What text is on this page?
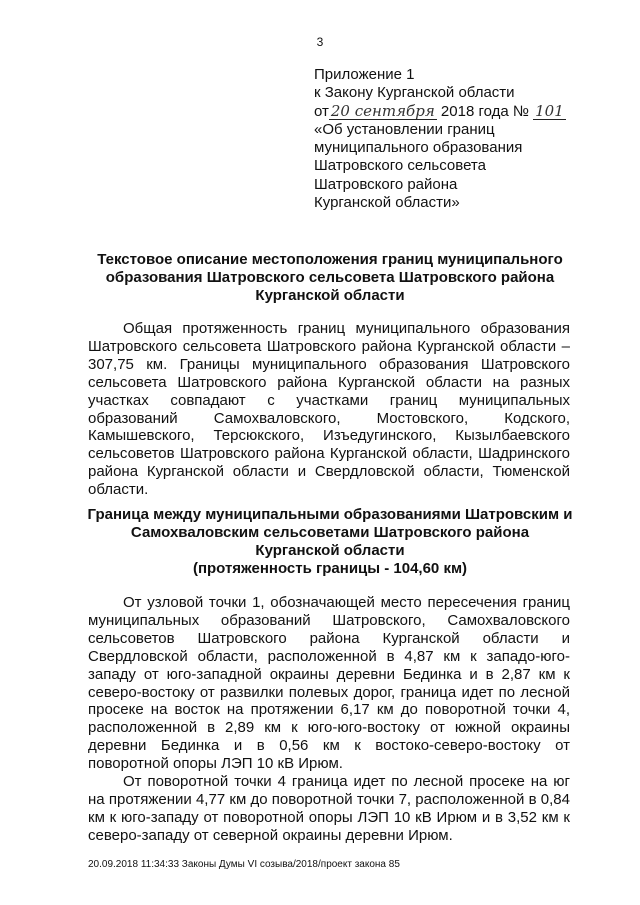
3
Приложение 1
к Закону Курганской области
от 20 сентября 2018 года № 101
«Об установлении границ
муниципального образования
Шатровского сельсовета
Шатровского района
Курганской области»
Текстовое описание местоположения границ муниципального образования Шатровского сельсовета Шатровского района Курганской области

Общая протяженность границ муниципального образования Шатровского сельсовета Шатровского района Курганской области – 307,75 км. Границы муниципального образования Шатровского сельсовета Шатровского района Курганской области на разных участках совпадают с участками границ муниципальных образований Самохваловского, Мостовского, Кодского, Камышевского, Терсюкского, Изъедугинского, Кызылбаевского сельсоветов Шатровского района Курганской области, Шадринского района Курганской области и Свердловской области, Тюменской области.

Граница между муниципальными образованиями Шатровским и
Самохваловским сельсоветами Шатровского района
Курганской области
(протяженность границы - 104,60 км)

От узловой точки 1, обозначающей место пересечения границ муниципальных образований Шатровского, Самохваловского сельсоветов Шатровского района Курганской области и Свердловской области, расположенной в 4,87 км к западо-юго-западу от юго-западной окраины деревни Бединка и в 2,87 км к северо-востоку от развилки полевых дорог, граница идет по лесной просеке на восток на протяжении 6,17 км до поворотной точки 4, расположенной в 2,89 км к юго-юго-востоку от южной окраины деревни Бединка и в 0,56 км к востоко-северо-востоку от поворотной опоры ЛЭП 10 кВ Ирюм.

От поворотной точки 4 граница идет по лесной просеке на юг на протяжении 4,77 км до поворотной точки 7, расположенной в 0,84 км к юго-западу от поворотной опоры ЛЭП 10 кВ Ирюм и в 3,52 км к северо-западу от северной окраины деревни Ирюм.

20.09.2018 11:34:33 Законы Думы VI созыва/2018/проект закона 85
